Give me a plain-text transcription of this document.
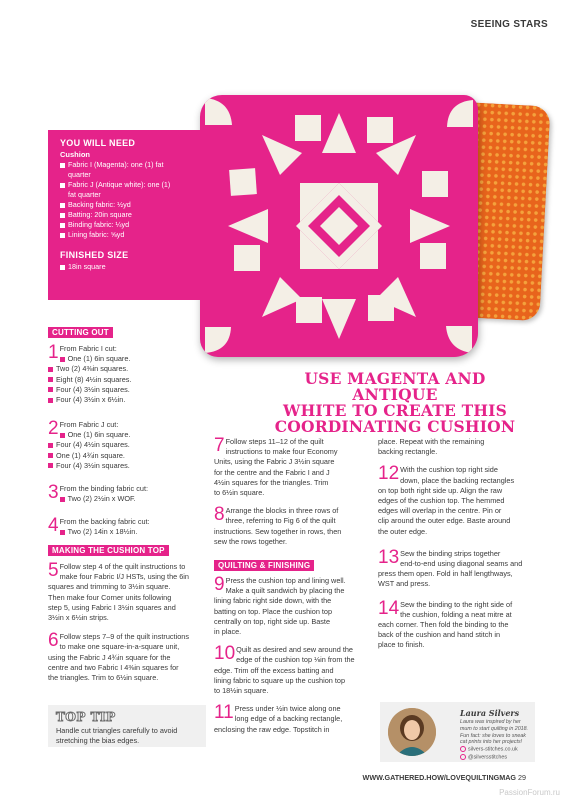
SEEING STARS
YOU WILL NEED
Cushion
Fabric I (Magenta): one (1) fat
quarter
Fabric J (Antique white): one (1)
fat quarter
Backing fabric: ½yd
Batting: 20in square
Binding fabric: ¼yd
Lining fabric: ⅝yd
FINISHED SIZE
18in square
CUTTING OUT
1 From Fabric I cut:
One (1) 6in square.
Two (2) 4⅜in squares.
Eight (8) 4½in squares.
Four (4) 3½in squares.
Four (4) 3½in x 6½in.
2 From Fabric J cut:
One (1) 6in square.
Four (4) 4½in squares.
One (1) 4¾in square.
Four (4) 3½in squares.
3 From the binding fabric cut:
Two (2) 2½in x WOF.
4 From the backing fabric cut:
Two (2) 14in x 18½in.
MAKING THE CUSHION TOP
5 Follow step 4 of the quilt instructions to
make four Fabric I/J HSTs, using the 6in
squares and trimming to 3½in square.
Then make four Corner units following
step 5, using Fabric I 3½in squares and
3½in x 6½in strips.
6 Follow steps 7–9 of the quilt instructions
to make one square-in-a-square unit,
using the Fabric J 4¾in square for the
centre and two Fabric I 4⅜in squares for
the triangles. Trim to 6½in square.
TOP TIP
Handle cut triangles carefully to avoid
stretching the bias edges.
USE MAGENTA AND ANTIQUE
WHITE TO CREATE THIS
COORDINATING CUSHION
7 Follow steps 11–12 of the quilt
instructions to make four Economy
Units, using the Fabric J 3½in square
for the centre and the Fabric I and J
4½in squares for the triangles. Trim
to 6½in square.
8 Arrange the blocks in three rows of
three, referring to Fig 6 of the quilt
instructions. Sew together in rows, then
sew the rows together.
QUILTING & FINISHING
9 Press the cushion top and lining well.
Make a quilt sandwich by placing the
lining fabric right side down, with the
batting on top. Place the cushion top
centrally on top, right side up. Baste
in place.
10 Quilt as desired and sew around the
edge of the cushion top ⅛in from the
edge. Trim off the excess batting and
lining fabric to square up the cushion top
to 18½in square.
11 Press under ½in twice along one
long edge of a backing rectangle,
enclosing the raw edge. Topstitch in
place. Repeat with the remaining
backing rectangle.
12 With the cushion top right side
down, place the backing rectangles
on top both right side up. Align the raw
edges of the cushion top. The hemmed
edges will overlap in the centre. Pin or
clip around the outer edge. Baste around
the outer edge.
13 Sew the binding strips together
end-to-end using diagonal seams and
press them open. Fold in half lengthways,
WST and press.
14 Sew the binding to the right side of
the cushion, folding a neat mitre at
each corner. Then fold the binding to the
back of the cushion and hand stitch in
place to finish.
Laura Silvers
Laura was inspired by her
mum to start quilting in 2018.
Fun fact: she loves to sneak
cat prints into her projects!
silvers-stitches.co.uk
@silversstitches
WWW.GATHERED.HOW/LOVEQUILTINGMAG 29
PassionForum.ru
